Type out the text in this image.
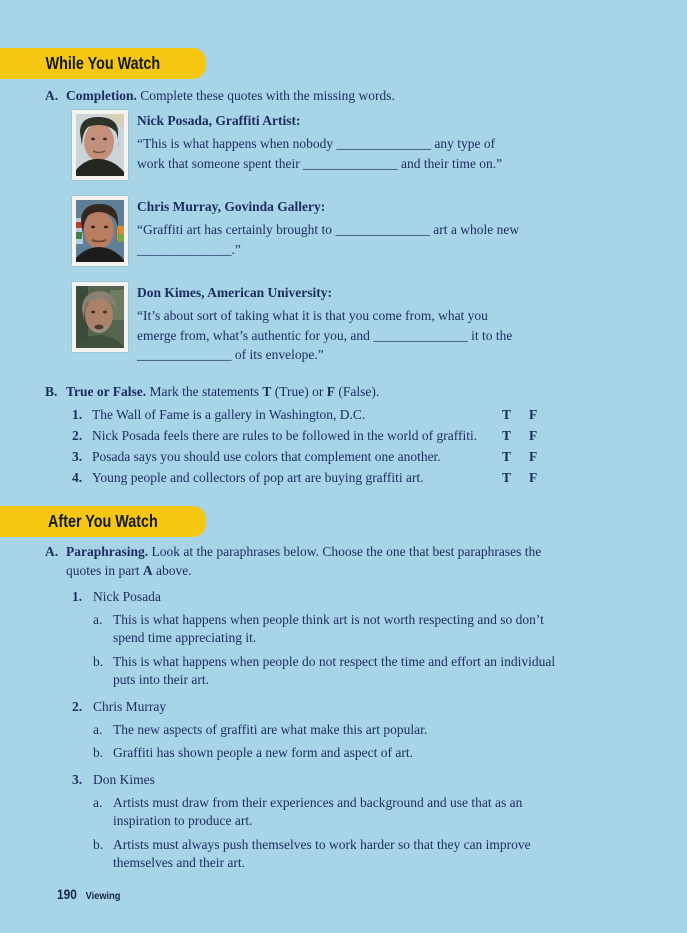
While You Watch
A. Completion. Complete these quotes with the missing words.
Nick Posada, Graffiti Artist:
“This is what happens when nobody ______________ any type of
work that someone spent their ______________ and their time on.”
Chris Murray, Govinda Gallery:
“Graffiti art has certainly brought to ______________ art a whole new
______________.”
Don Kimes, American University:
“It’s about sort of taking what it is that you come from, what you
emerge from, what’s authentic for you, and ______________ it to the
______________ of its envelope.”
B. True or False. Mark the statements T (True) or F (False).
1. The Wall of Fame is a gallery in Washington, D.C.	T F
2. Nick Posada feels there are rules to be followed in the world of graffiti. T F
3. Posada says you should use colors that complement one another.	T F
4. Young people and collectors of pop art are buying graffiti art.	T F
After You Watch
A. Paraphrasing. Look at the paraphrases below. Choose the one that best paraphrases the
quotes in part A above.
1. Nick Posada
a. This is what happens when people think art is not worth respecting and so don’t
spend time appreciating it.
b. This is what happens when people do not respect the time and effort an individual
puts into their art.
2. Chris Murray
a. The new aspects of graffiti are what make this art popular.
b. Graffiti has shown people a new form and aspect of art.
3. Don Kimes
a. Artists must draw from their experiences and background and use that as an
inspiration to produce art.
b. Artists must always push themselves to work harder so that they can improve
themselves and their art.
190 Viewing
